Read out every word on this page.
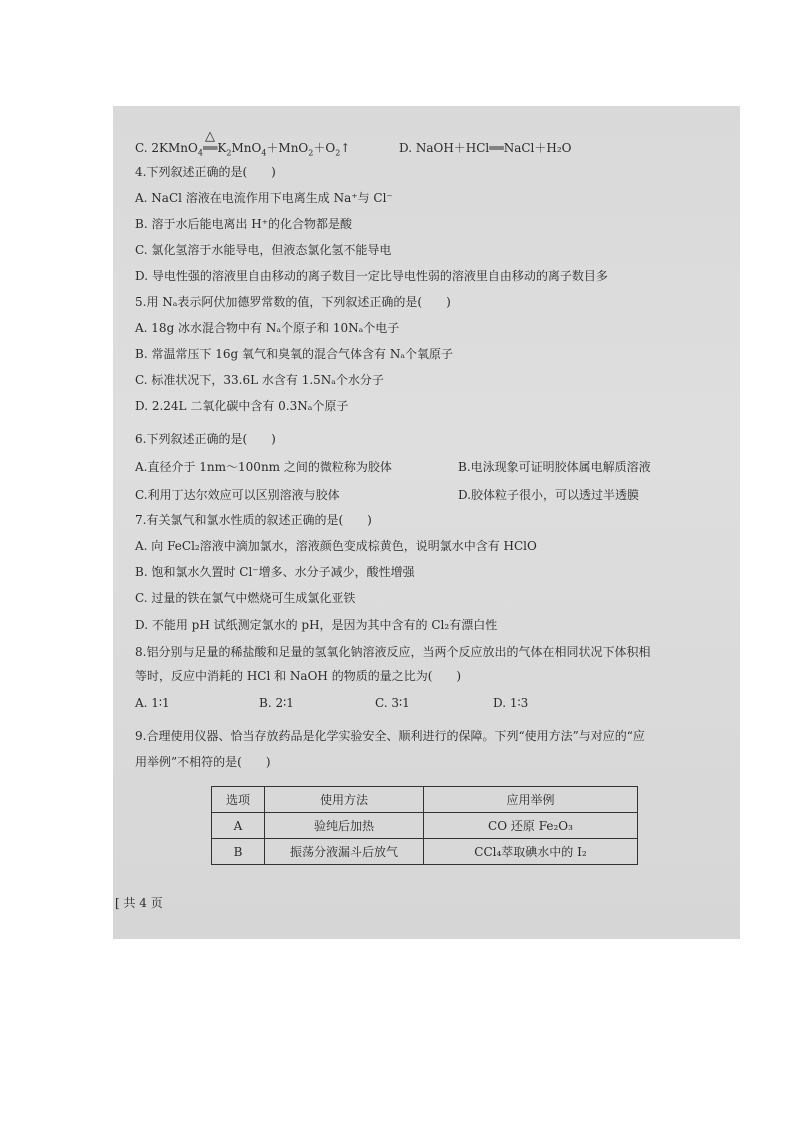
C. 2KMnO$_4$
△
$══K_2MnO_4+MnO_2+O_2↑$	D. NaOH＋HCl══NaCl＋H₂O
4.下列叙述正确的是(　　)
A. NaCl 溶液在电流作用下电离生成 Na⁺与 Cl⁻
B. 溶于水后能电离出 H⁺的化合物都是酸
C. 氯化氢溶于水能导电，但液态氯化氢不能导电
D. 导电性强的溶液里自由移动的离子数目一定比导电性弱的溶液里自由移动的离子数目多
5.用 Nₐ表示阿伏加德罗常数的值，下列叙述正确的是(　　)
A. 18g 冰水混合物中有 Nₐ个原子和 10Nₐ个电子
B. 常温常压下 16g 氧气和臭氧的混合气体含有 Nₐ个氧原子
C. 标准状况下，33.6L 水含有 1.5Nₐ个水分子
D. 2.24L 二氧化碳中含有 0.3Nₐ个原子
6.下列叙述正确的是(　　)
A.直径介于 1nm～100nm 之间的微粒称为胶体	B.电泳现象可证明胶体属电解质溶液
C.利用丁达尔效应可以区别溶液与胶体	D.胶体粒子很小，可以透过半透膜
7.有关氯气和氯水性质的叙述正确的是(　　)
A. 向 FeCl₂溶液中滴加氯水，溶液颜色变成棕黄色，说明氯水中含有 HClO
B. 饱和氯水久置时 Cl⁻增多、水分子减少，酸性增强
C. 过量的铁在氯气中燃烧可生成氯化亚铁
D. 不能用 pH 试纸测定氯水的 pH，是因为其中含有的 Cl₂有漂白性
8.铝分别与足量的稀盐酸和足量的氢氧化钠溶液反应，当两个反应放出的气体在相同状况下体积相
等时，反应中消耗的 HCl 和 NaOH 的物质的量之比为(　　)
A. 1∶1	B. 2∶1	C. 3∶1	D. 1∶3
9.合理使用仪器、恰当存放药品是化学实验安全、顺利进行的保障。下列“使用方法”与对应的“应
用举例”不相符的是(　　)
选项	使用方法	应用举例
A	验纯后加热	CO 还原 Fe₂O₃
B	振荡分液漏斗后放气	CCl₄萃取碘水中的 I₂
[ 共 4 页
